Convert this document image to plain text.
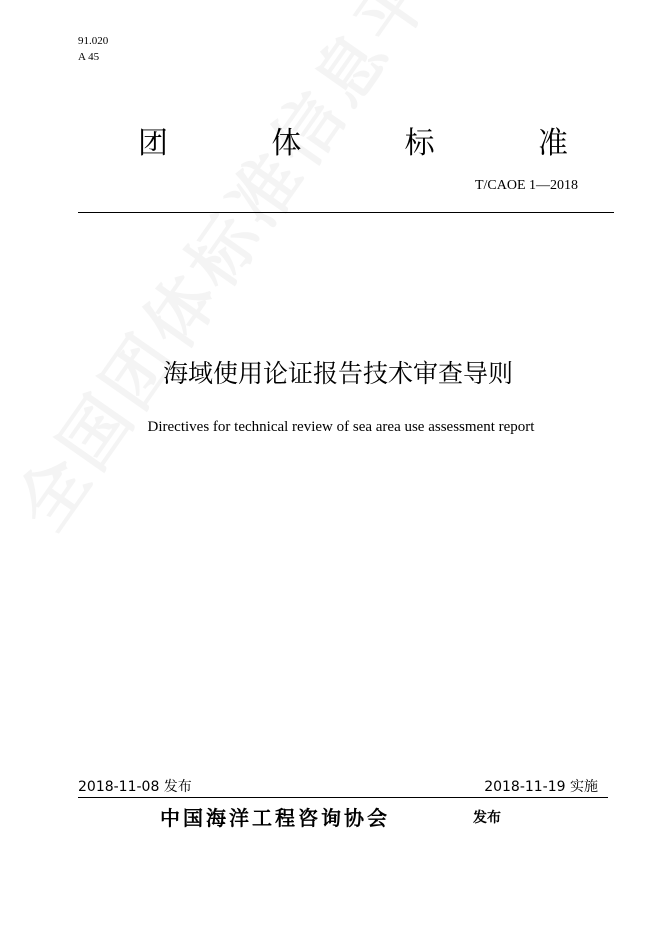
91.020
A 45
团	体	标	准
T/CAOE 1—2018
海域使用论证报告技术审查导则
Directives for technical review of sea area use assessment report
2018-11-08 发布	2018-11-19 实施
中国海洋工程咨询协会	发布
